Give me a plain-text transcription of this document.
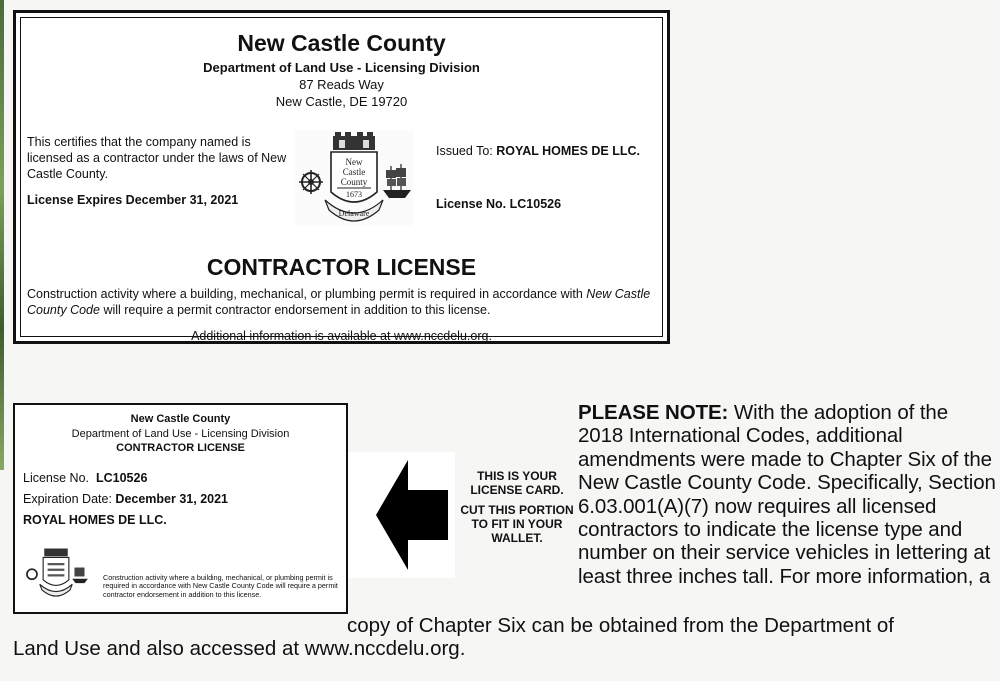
New Castle County
Department of Land Use - Licensing Division
87 Reads Way
New Castle, DE 19720
This certifies that the company named is licensed as a contractor under the laws of New Castle County.
License Expires December 31, 2021
New
Castle
County
1673
Delaware
Issued To: ROYAL HOMES DE LLC.
License No. LC10526
CONTRACTOR LICENSE
Construction activity where a building, mechanical, or plumbing permit is required in accordance with New Castle County Code will require a permit contractor endorsement in addition to this license.
Additional information is available at www.nccdelu.org.
New Castle County
Department of Land Use - Licensing Division
CONTRACTOR LICENSE
License No. LC10526
Expiration Date: December 31, 2021
ROYAL HOMES DE LLC.
Construction activity where a building, mechanical, or plumbing permit is required in accordance with New Castle County Code will require a permit contractor endorsement in addition to this license.
THIS IS YOUR LICENSE CARD.
CUT THIS PORTION TO FIT IN YOUR WALLET.
PLEASE NOTE: With the adoption of the 2018 International Codes, additional amendments were made to Chapter Six of the New Castle County Code. Specifically, Section 6.03.001(A)(7) now requires all licensed contractors to indicate the license type and number on their service vehicles in lettering at least three inches tall. For more information, a
copy of Chapter Six can be obtained from the Department of
Land Use and also accessed at www.nccdelu.org.
